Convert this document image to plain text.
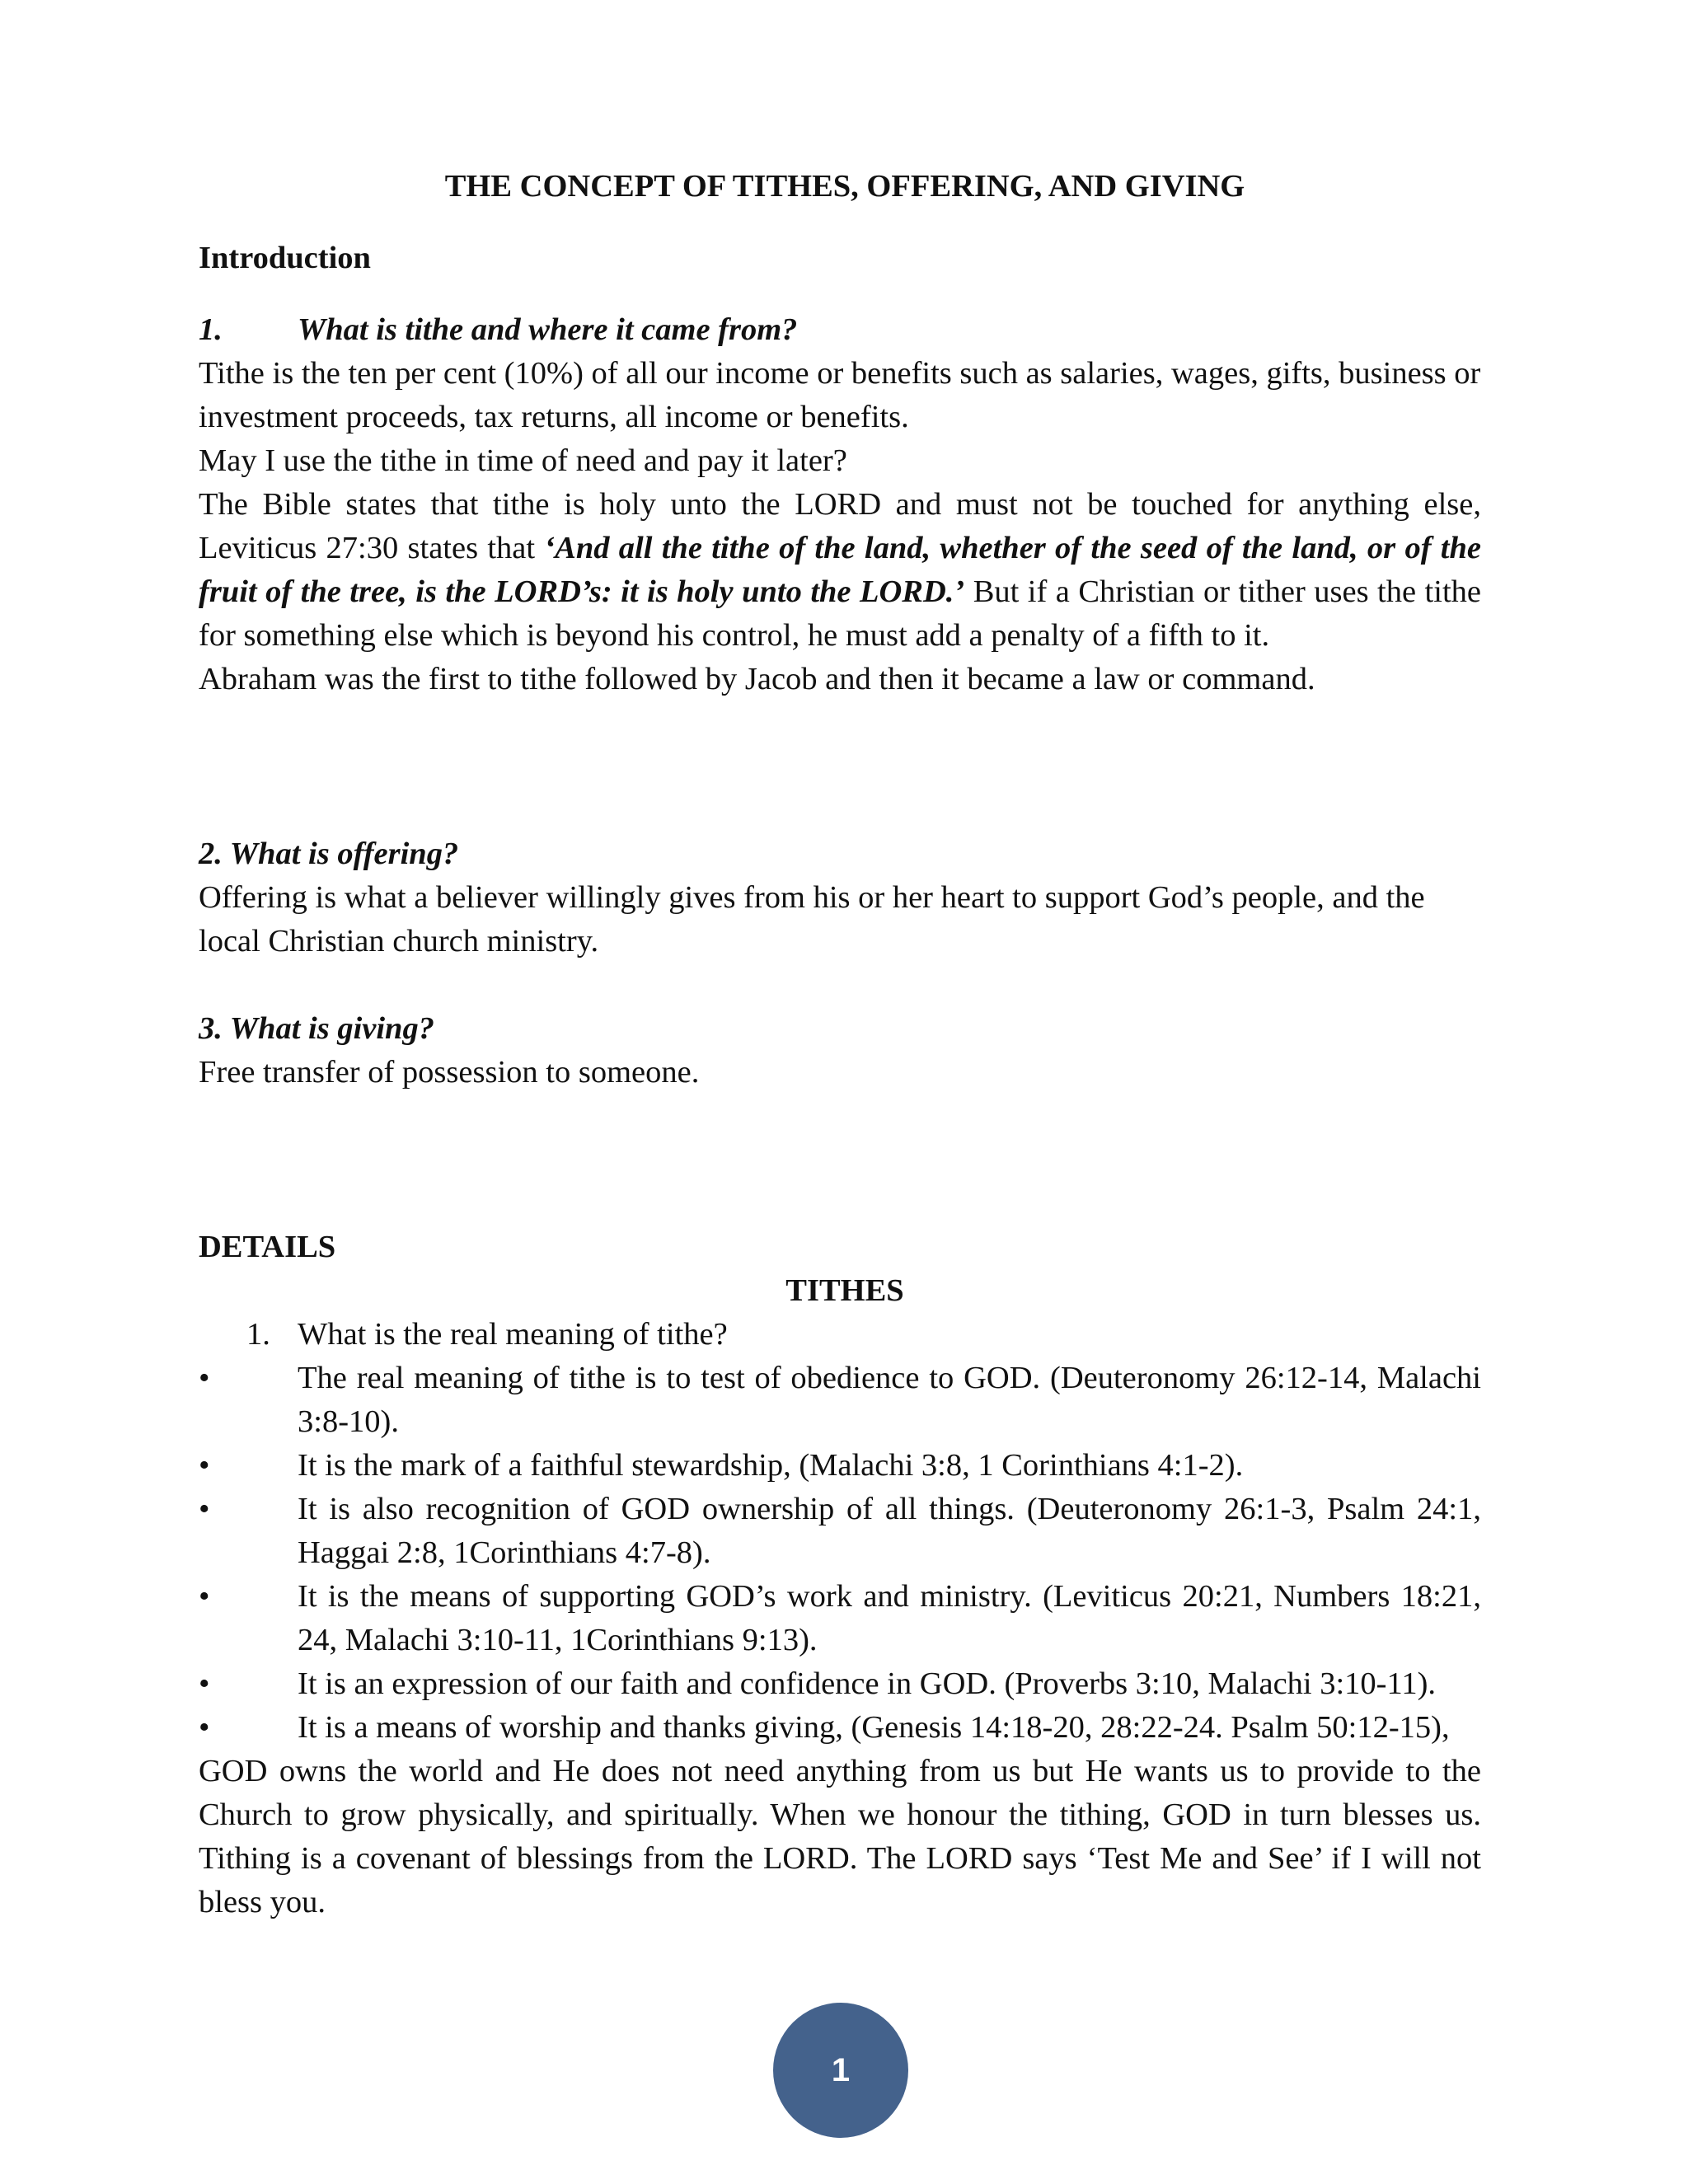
THE CONCEPT OF TITHES, OFFERING, AND GIVING

Introduction

1. What is tithe and where it came from?

Tithe is the ten per cent (10%) of all our income or benefits such as salaries, wages, gifts, business or investment proceeds, tax returns, all income or benefits.

May I use the tithe in time of need and pay it later?

The Bible states that tithe is holy unto the LORD and must not be touched for anything else, Leviticus 27:30 states that ‘And all the tithe of the land, whether of the seed of the land, or of the fruit of the tree, is the LORD’s: it is holy unto the LORD.’ But if a Christian or tither uses the tithe for something else which is beyond his control, he must add a penalty of a fifth to it.

Abraham was the first to tithe followed by Jacob and then it became a law or command.

2. What is offering?

Offering is what a believer willingly gives from his or her heart to support God’s people, and the local Christian church ministry.

3. What is giving?

Free transfer of possession to someone.

DETAILS

TITHES

1. What is the real meaning of tithe?

•	The real meaning of tithe is to test of obedience to GOD. (Deuteronomy 26:12-14, Malachi 3:8-10).
•	It is the mark of a faithful stewardship, (Malachi 3:8, 1 Corinthians 4:1-2).
•	It is also recognition of GOD ownership of all things. (Deuteronomy 26:1-3, Psalm 24:1, Haggai 2:8, 1Corinthians 4:7-8).
•	It is the means of supporting GOD’s work and ministry. (Leviticus 20:21, Numbers 18:21, 24, Malachi 3:10-11, 1Corinthians 9:13).
•	It is an expression of our faith and confidence in GOD. (Proverbs 3:10, Malachi 3:10-11).
•	It is a means of worship and thanks giving, (Genesis 14:18-20, 28:22-24. Psalm 50:12-15),

GOD owns the world and He does not need anything from us but He wants us to provide to the Church to grow physically, and spiritually. When we honour the tithing, GOD in turn blesses us. Tithing is a covenant of blessings from the LORD. The LORD says ‘Test Me and See’ if I will not bless you.

1
